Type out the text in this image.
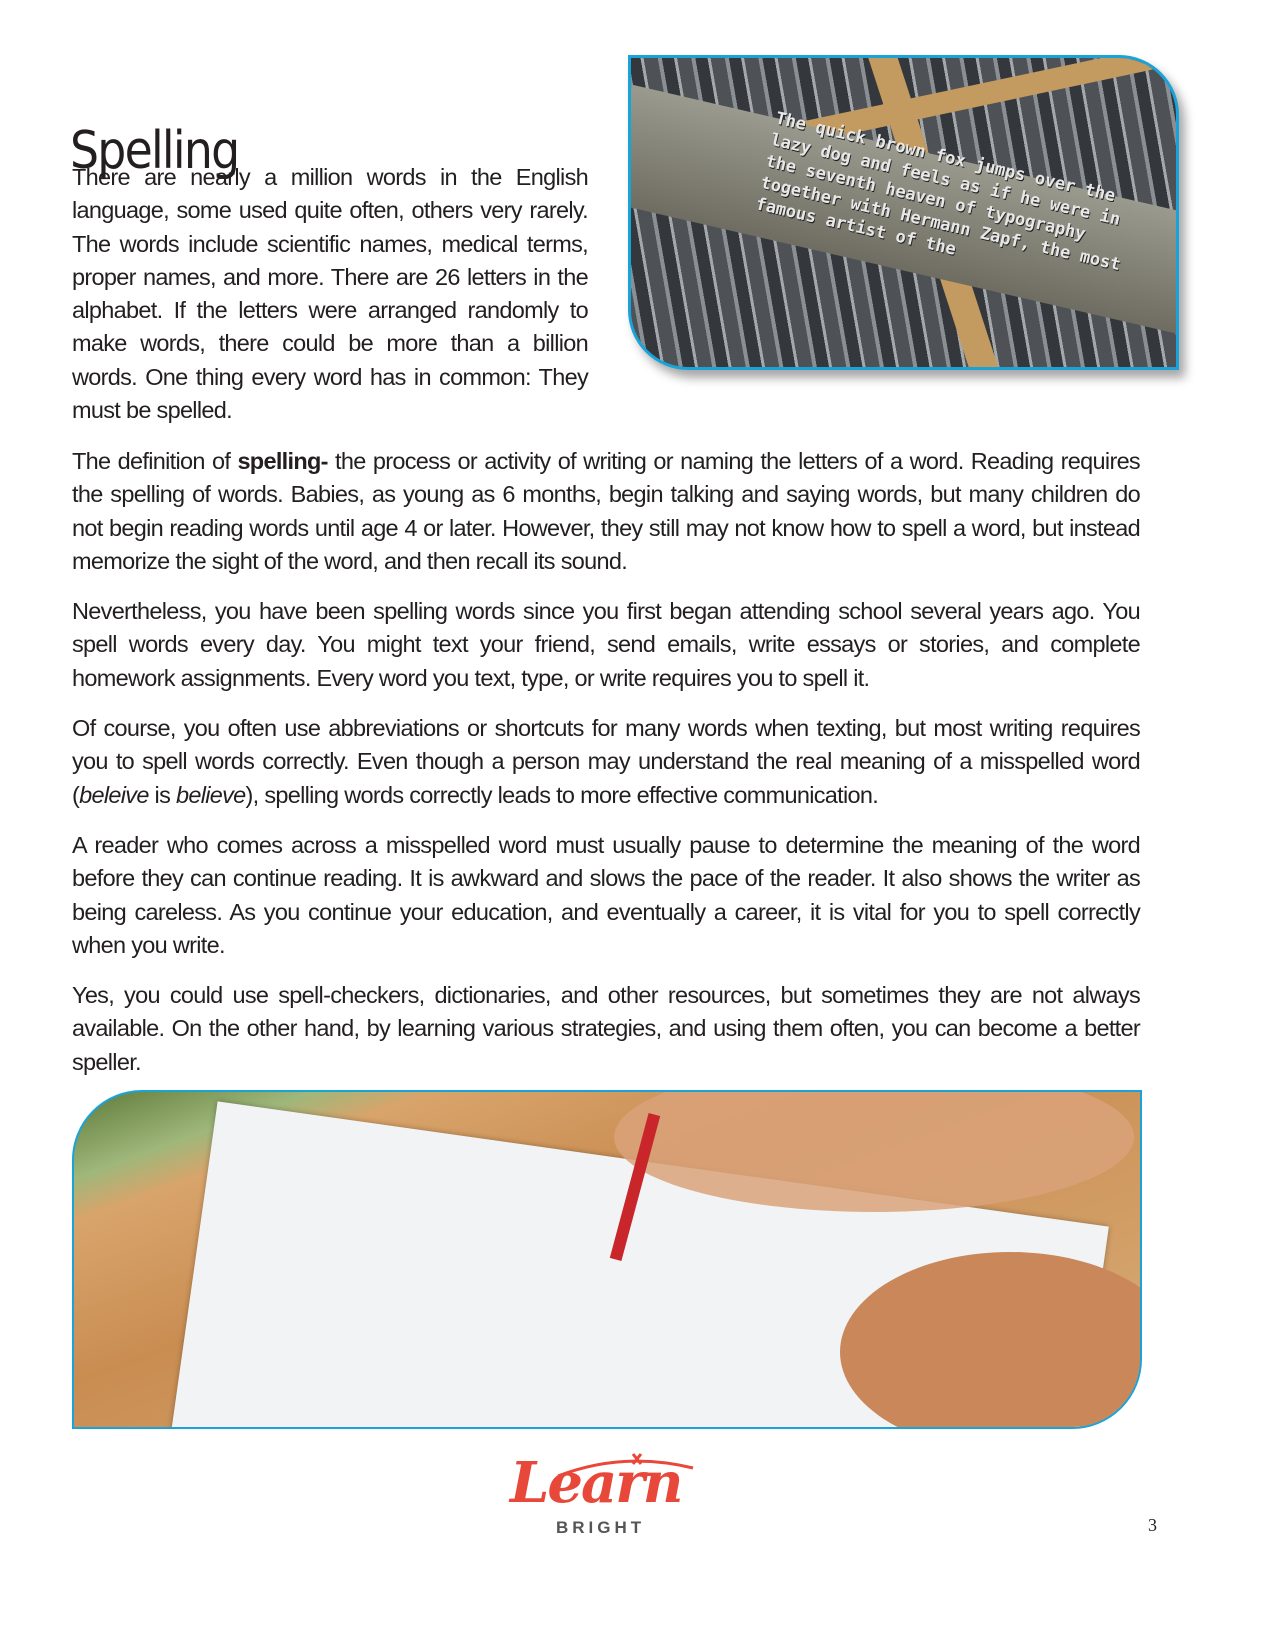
Spelling

There are nearly a million words in the English language, some used quite often, others very rarely. The words include scientific names, medical terms, proper names, and more. There are 26 letters in the alphabet. If the letters were arranged randomly to make words, there could be more than a billion words. One thing every word has in common: They must be spelled.

The quick brown fox jumps over the lazy dog and feels as if he were in the seventh heaven of typography together with Hermann Zapf, the most famous artist of the

The definition of spelling- the process or activity of writing or naming the letters of a word. Reading requires the spelling of words. Babies, as young as 6 months, begin talking and saying words, but many children do not begin reading words until age 4 or later. However, they still may not know how to spell a word, but instead memorize the sight of the word, and then recall its sound.

Nevertheless, you have been spelling words since you first began attending school several years ago. You spell words every day. You might text your friend, send emails, write essays or stories, and complete homework assignments. Every word you text, type, or write requires you to spell it.

Of course, you often use abbreviations or shortcuts for many words when texting, but most writing requires you to spell words correctly. Even though a person may understand the real meaning of a misspelled word (beleive is believe), spelling words correctly leads to more effective communication.

A reader who comes across a misspelled word must usually pause to determine the meaning of the word before they can continue reading. It is awkward and slows the pace of the reader. It also shows the writer as being careless. As you continue your education, and eventually a career, it is vital for you to spell correctly when you write.

Yes, you could use spell-checkers, dictionaries, and other resources, but sometimes they are not always available. On the other hand, by learning various strategies, and using them often, you can become a better speller.

Learn
BRIGHT	3
